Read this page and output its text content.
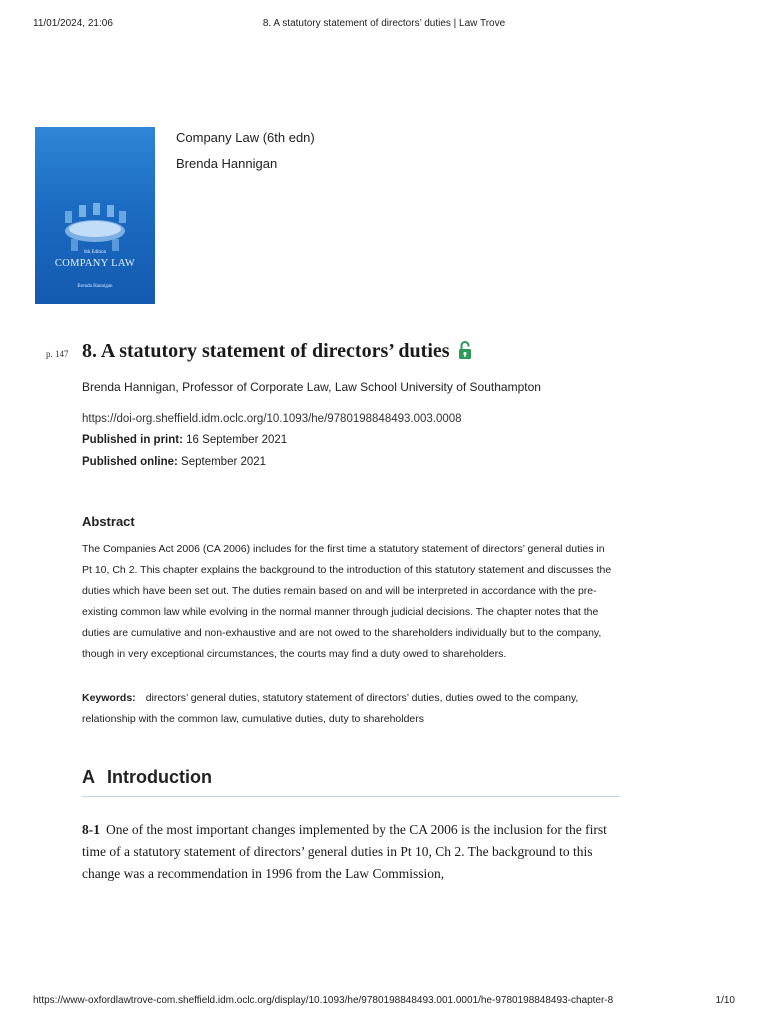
11/01/2024, 21:06	8. A statutory statement of directors’ duties | Law Trove
6th Edition
COMPANY LAW
Brenda Hannigan
Company Law (6th edn)
Brenda Hannigan
p. 147 8. A statutory statement of directors’ duties
Brenda Hannigan, Professor of Corporate Law, Law School University of Southampton
https://doi-org.sheffield.idm.oclc.org/10.1093/he/9780198848493.003.0008
Published in print: 16 September 2021
Published online: September 2021
Abstract
The Companies Act 2006 (CA 2006) includes for the first time a statutory statement of directors’ general duties in Pt 10, Ch 2. This chapter explains the background to the introduction of this statutory statement and discusses the duties which have been set out. The duties remain based on and will be interpreted in accordance with the pre-existing common law while evolving in the normal manner through judicial decisions. The chapter notes that the duties are cumulative and non-exhaustive and are not owed to the shareholders individually but to the company, though in very exceptional circumstances, the courts may find a duty owed to shareholders.
Keywords: directors’ general duties, statutory statement of directors’ duties, duties owed to the company, relationship with the common law, cumulative duties, duty to shareholders
A Introduction
8-1 One of the most important changes implemented by the CA 2006 is the inclusion for the first time of a statutory statement of directors’ general duties in Pt 10, Ch 2. The background to this change was a recommendation in 1996 from the Law Commission,
https://www-oxfordlawtrove-com.sheffield.idm.oclc.org/display/10.1093/he/9780198848493.001.0001/he-9780198848493-chapter-8	1/10
